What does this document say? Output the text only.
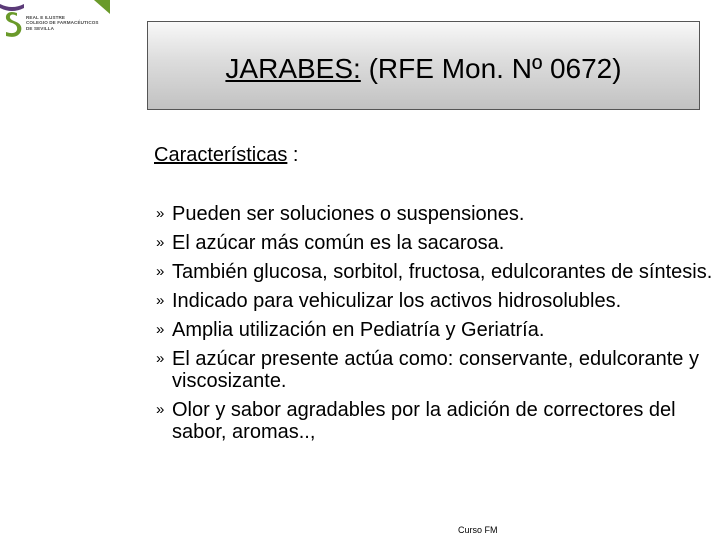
REAL E ILUSTRE
COLEGIO DE FARMACÉUTICOS
DE SEVILLA
JARABES: (RFE Mon. Nº 0672)
Características :
» Pueden ser soluciones o suspensiones.
» El azúcar más común es la sacarosa.
» También glucosa, sorbitol, fructosa, edulcorantes de síntesis.
» Indicado para vehiculizar los activos hidrosolubles.
» Amplia utilización en Pediatría y Geriatría.
» El azúcar presente actúa como: conservante, edulcorante y viscosizante.
» Olor y sabor agradables por la adición de correctores del sabor, aromas..,
Curso FM
